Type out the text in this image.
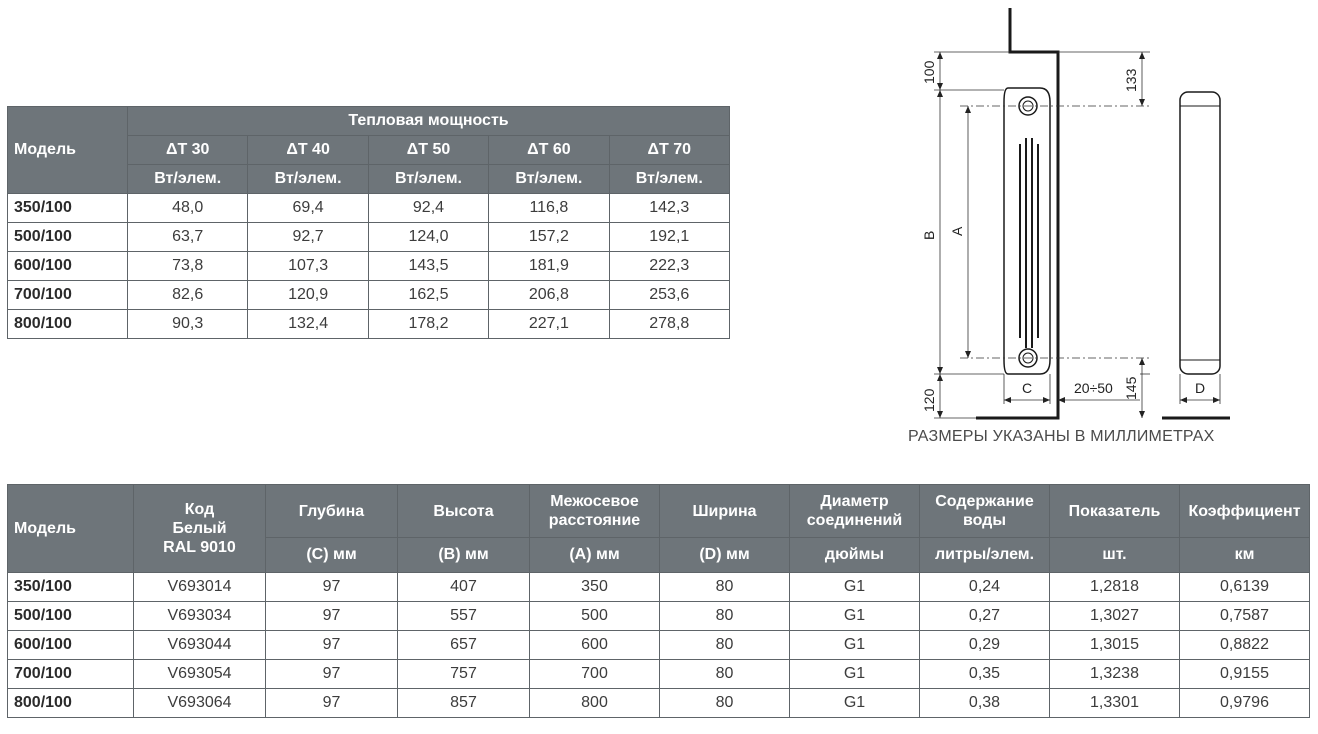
Модель	Тепловая мощность				
	ΔT 30	ΔT 40	ΔT 50	ΔT 60	ΔT 70
	Вт/элем.	Вт/элем.	Вт/элем.	Вт/элем.	Вт/элем.
350/100	48,0	69,4	92,4	116,8	142,3
500/100	63,7	92,7	124,0	157,2	192,1
600/100	73,8	107,3	143,5	181,9	222,3
700/100	82,6	120,9	162,5	206,8	253,6
800/100	90,3	132,4	178,2	227,1	278,8
100	133
B A
120
145
C	20÷50	D
РАЗМЕРЫ УКАЗАНЫ В МИЛЛИМЕТРАХ
Модель	Код Белый RAL 9010	Глубина	Высота	Межосевое расстояние	Ширина	Диаметр соединений	Содержание воды	Показатель	Коэффициент
		(C) мм	(B) мм	(A) мм	(D) мм	дюймы	литры/элем.	шт.	км
350/100	V693014	97	407	350	80	G1	0,24	1,2818	0,6139
500/100	V693034	97	557	500	80	G1	0,27	1,3027	0,7587
600/100	V693044	97	657	600	80	G1	0,29	1,3015	0,8822
700/100	V693054	97	757	700	80	G1	0,35	1,3238	0,9155
800/100	V693064	97	857	800	80	G1	0,38	1,3301	0,9796
